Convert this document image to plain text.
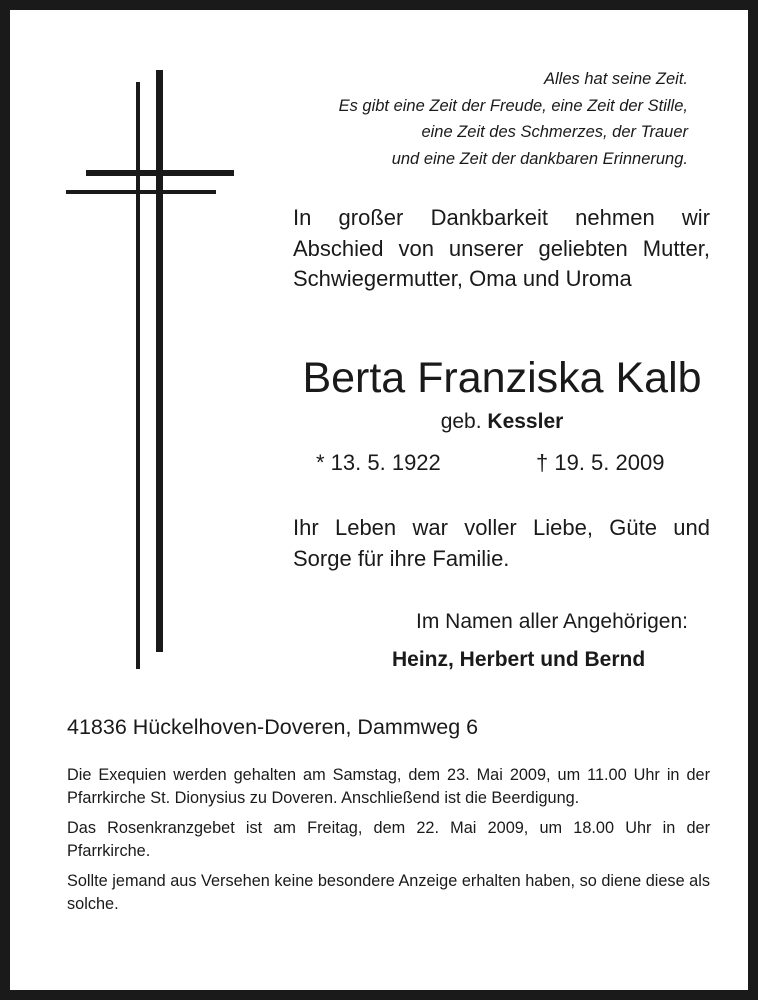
Alles hat seine Zeit.
Es gibt eine Zeit der Freude, eine Zeit der Stille,
eine Zeit des Schmerzes, der Trauer
und eine Zeit der dankbaren Erinnerung.
In großer Dankbarkeit nehmen wir Abschied von unserer geliebten Mutter, Schwiegermutter, Oma und Uroma
Berta Franziska Kalb
geb. Kessler
* 13. 5. 1922	† 19. 5. 2009
Ihr Leben war voller Liebe, Güte und Sorge für ihre Familie.
Im Namen aller Angehörigen:
Heinz, Herbert und Bernd
41836 Hückelhoven-Doveren, Dammweg 6

Die Exequien werden gehalten am Samstag, dem 23. Mai 2009, um 11.00 Uhr in der Pfarrkirche St. Dionysius zu Doveren. Anschließend ist die Beerdigung.

Das Rosenkranzgebet ist am Freitag, dem 22. Mai 2009, um 18.00 Uhr in der Pfarrkirche.

Sollte jemand aus Versehen keine besondere Anzeige erhalten haben, so diene diese als solche.
